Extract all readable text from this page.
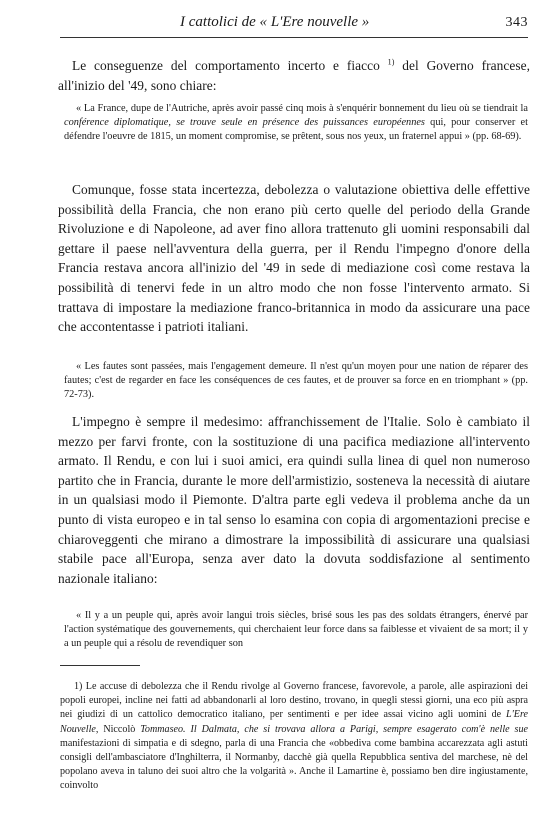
I cattolici de « L'Ere nouvelle »	343
Le conseguenze del comportamento incerto e fiacco $^{1)}$ del Governo francese, all'inizio del '49, sono chiare:
« La France, dupe de l'Autriche, après avoir passé cinq mois à s'enquérir bonnement du lieu où se tiendrait la conférence diplomatique, se trouve seule en présence des puissances européennes qui, pour conserver et défendre l'oeuvre de 1815, un moment compromise, se prêtent, sous nos yeux, un fraternel appui » (pp. 68-69).
Comunque, fosse stata incertezza, debolezza o valutazione obiettiva delle effettive possibilità della Francia, che non erano più certo quelle del periodo della Grande Rivoluzione e di Napoleone, ad aver fino allora trattenuto gli uomini responsabili dal gettare il paese nell'avventura della guerra, per il Rendu l'impegno d'onore della Francia restava ancora all'inizio del '49 in sede di mediazione così come restava la possibilità di tenervi fede in un altro modo che non fosse l'intervento armato. Si trattava di impostare la mediazione franco-britannica in modo da assicurare una pace che accontentasse i patrioti italiani.
« Les fautes sont passées, mais l'engagement demeure. Il n'est qu'un moyen pour une nation de réparer des fautes; c'est de regarder en face les conséquences de ces fautes, et de prouver sa force en en triomphant » (pp. 72-73).
L'impegno è sempre il medesimo: affranchissement de l'Italie. Solo è cambiato il mezzo per farvi fronte, con la sostituzione di una pacifica mediazione all'intervento armato. Il Rendu, e con lui i suoi amici, era quindi sulla linea di quel non numeroso partito che in Francia, durante le more dell'armistizio, sosteneva la necessità di aiutare in un qualsiasi modo il Piemonte. D'altra parte egli vedeva il problema anche da un punto di vista europeo e in tal senso lo esamina con copia di argomentazioni precise e chiaroveggenti che mirano a dimostrare la impossibilità di assicurare una qualsiasi stabile pace all'Europa, senza aver dato la dovuta soddisfazione al sentimento nazionale italiano:
« Il y a un peuple qui, après avoir langui trois siècles, brisé sous les pas des soldats étrangers, énervé par l'action systématique des gouvernements, qui cherchaient leur force dans sa faiblesse et vivaient de sa mort; il y a un peuple qui a résolu de revendiquer son
1) Le accuse di debolezza che il Rendu rivolge al Governo francese, favorevole, a parole, alle aspirazioni dei popoli europei, incline nei fatti ad abbandonarli al loro destino, trovano, in quegli stessi giorni, una eco più aspra nei giudizi di un cattolico democratico italiano, per sentimenti e per idee assai vicino agli uomini de L'Ere Nouvelle, Niccolò Tommaseo. Il Dalmata, che si trovava allora a Parigi, sempre esagerato com'è nelle sue manifestazioni di simpatia e di sdegno, parla di una Francia che «obbediva come bambina accarezzata agli astuti consigli dell'ambasciatore d'Inghilterra, il Normanby, dacchè già quella Repubblica sentiva del marchese, nè del popolano aveva in taluno dei suoi altro che la volgarità ». Anche il Lamartine è, possiamo ben dire ingiustamente, coinvolto
